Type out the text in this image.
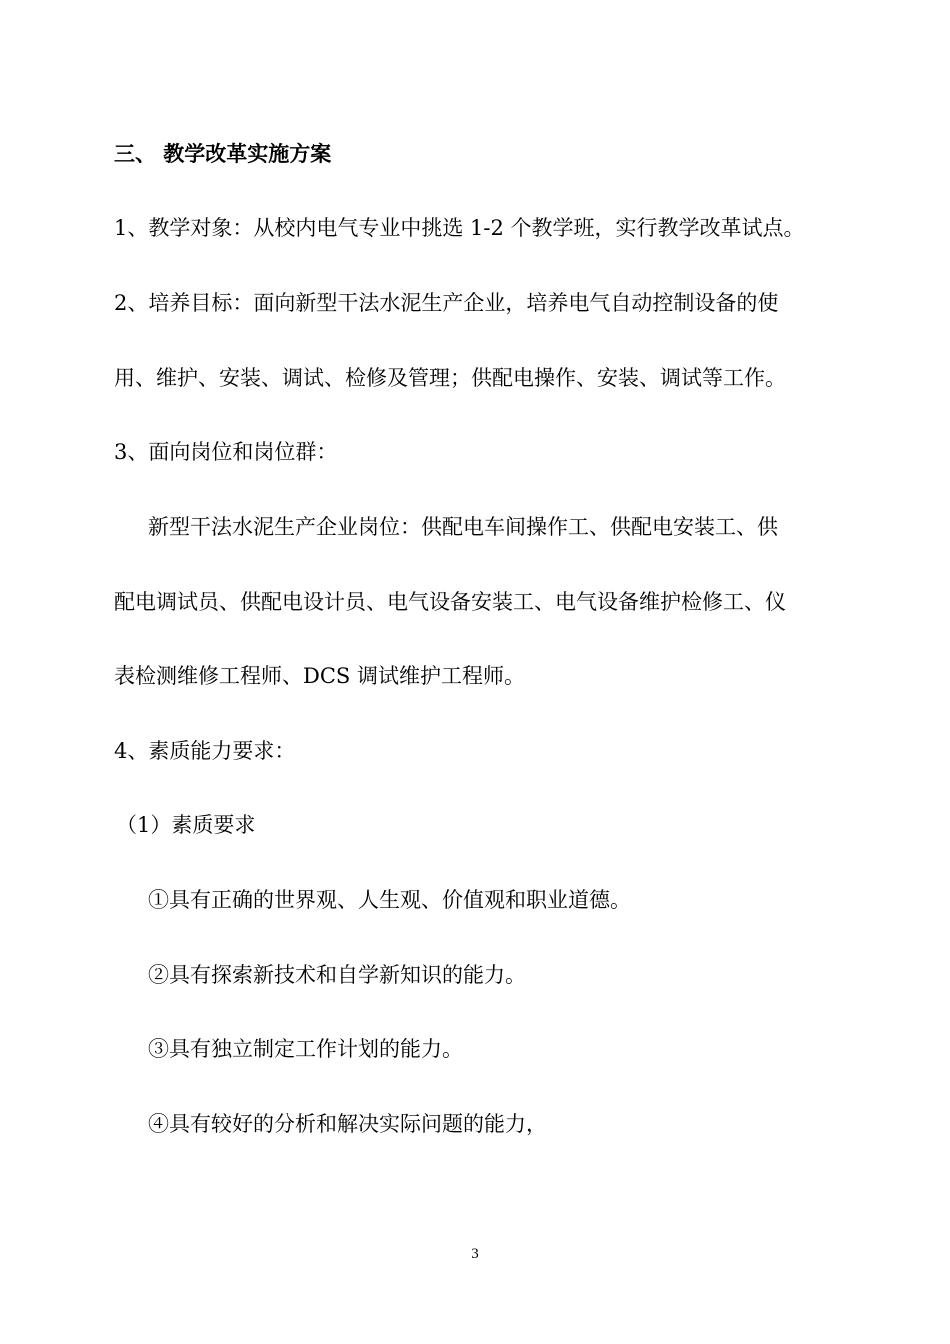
三、 教学改革实施方案
1、教学对象：从校内电气专业中挑选 1-2 个教学班，实行教学改革试点。
2、培养目标：面向新型干法水泥生产企业，培养电气自动控制设备的使
用、维护、安装、调试、检修及管理；供配电操作、安装、调试等工作。
3、面向岗位和岗位群：
新型干法水泥生产企业岗位：供配电车间操作工、供配电安装工、供
配电调试员、供配电设计员、电气设备安装工、电气设备维护检修工、仪
表检测维修工程师、DCS 调试维护工程师。
4、素质能力要求：
（1）素质要求
①具有正确的世界观、人生观、价值观和职业道德。
②具有探索新技术和自学新知识的能力。
③具有独立制定工作计划的能力。
④具有较好的分析和解决实际问题的能力，
3
